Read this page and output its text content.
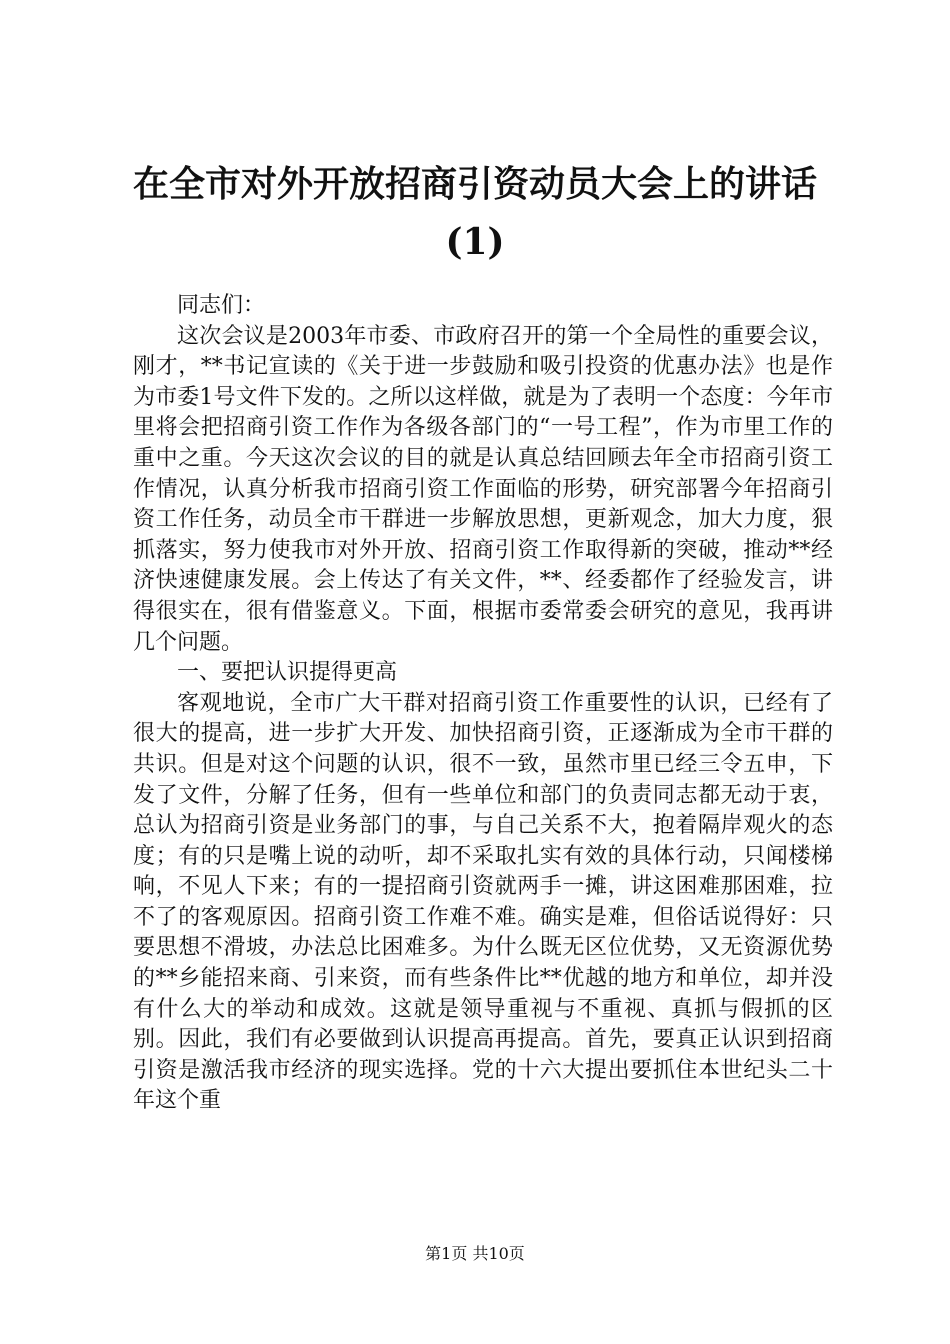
在全市对外开放招商引资动员大会上的讲话
(1)

同志们：

这次会议是2003年市委、市政府召开的第一个全局性的重要会议，刚才，**书记宣读的《关于进一步鼓励和吸引投资的优惠办法》也是作为市委1号文件下发的。之所以这样做，就是为了表明一个态度：今年市里将会把招商引资工作作为各级各部门的“一号工程”，作为市里工作的重中之重。今天这次会议的目的就是认真总结回顾去年全市招商引资工作情况，认真分析我市招商引资工作面临的形势，研究部署今年招商引资工作任务，动员全市干群进一步解放思想，更新观念，加大力度，狠抓落实，努力使我市对外开放、招商引资工作取得新的突破，推动**经济快速健康发展。会上传达了有关文件，**、经委都作了经验发言，讲得很实在，很有借鉴意义。下面，根据市委常委会研究的意见，我再讲几个问题。

一、要把认识提得更高

客观地说，全市广大干群对招商引资工作重要性的认识，已经有了很大的提高，进一步扩大开发、加快招商引资，正逐渐成为全市干群的共识。但是对这个问题的认识，很不一致，虽然市里已经三令五申，下发了文件，分解了任务，但有一些单位和部门的负责同志都无动于衷，总认为招商引资是业务部门的事，与自己关系不大，抱着隔岸观火的态度；有的只是嘴上说的动听，却不采取扎实有效的具体行动，只闻楼梯响，不见人下来；有的一提招商引资就两手一摊，讲这困难那困难，拉不了的客观原因。招商引资工作难不难。确实是难，但俗话说得好：只要思想不滑坡，办法总比困难多。为什么既无区位优势，又无资源优势的**乡能招来商、引来资，而有些条件比**优越的地方和单位，却并没有什么大的举动和成效。这就是领导重视与不重视、真抓与假抓的区别。因此，我们有必要做到认识提高再提高。首先，要真正认识到招商引资是激活我市经济的现实选择。党的十六大提出要抓住本世纪头二十年这个重

第1页 共10页
